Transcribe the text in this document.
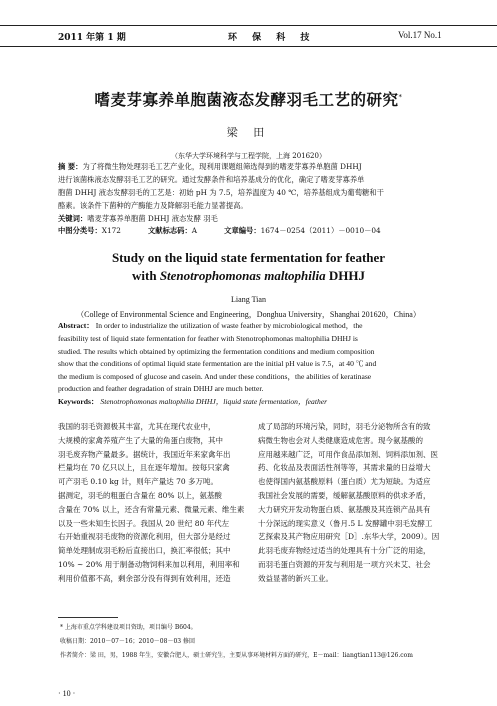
2011 年第 1 期	环 保 科 技	Vol.17 No.1
嗜麦芽寡养单胞菌液态发酵羽毛工艺的研究*
梁 田
（东华大学环境科学与工程学院，上海 201620）
摘 要：为了将微生物处理羽毛工艺产业化，现利用课题组筛选得到的嗜麦芽寡养单胞菌 DHHJ
进行该菌株液态发酵羽毛工艺的研究。通过发酵条件和培养基成分的优化，确定了嗜麦芽寡养单
胞菌 DHHJ 液态发酵羽毛的工艺是：初始 pH 为 7.5，培养温度为 40 ℃，培养基组成为葡萄糖和干
酪素。该条件下菌种的产酶能力及降解羽毛能力显著提高。
关键词：嗜麦芽寡养单胞菌 DHHJ 液态发酵 羽毛
中图分类号：X172	文献标志码：A	文章编号：1674－0254（2011）－0010－04
Study on the liquid state fermentation for feather
with Stenotrophomonas maltophilia DHHJ
Liang Tian
（College of Environmental Science and Engineering，Donghua University，Shanghai 201620，China）
Abstract： In order to industrialize the utilization of waste feather by microbiological method，the
feasibility test of liquid state fermentation for feather with Stenotrophomonas maltophilia DHHJ is
studied. The results which obtained by optimizing the fermentation conditions and medium composition
show that the conditions of optimal liquid state fermentation are the initial pH value is 7.5，at 40 ℃ and
the medium is composed of glucose and casein. And under these conditions，the abilities of keratinase
production and feather degradation of strain DHHJ are much better.
Keywords： Stenotrophomonas maltophilia DHHJ，liquid state fermentation，feather
我国的羽毛资源极其丰富，尤其在现代农业中，
大规模的家禽养殖产生了大量的角蛋白废物，其中
羽毛废弃物产量最多。据统计，我国近年来家禽年出
栏量均在 70 亿只以上，且在逐年增加。按每只家禽
可产羽毛 0.10 kg 计，则年产量达 70 多万吨。
据测定，羽毛的粗蛋白含量在 80% 以上，氨基酸
含量在 70% 以上，还含有常量元素、微量元素、维生素
以及一些未知生长因子。我国从 20 世纪 80 年代左
右开始重视羽毛废物的资源化利用，但大部分是经过
简单处理制成羽毛粉后直接出口，换汇率很低；其中
10% ~ 20% 用于制备动物饲料来加以利用，利用率和
利用价值都不高，剩余部分没有得到有效利用，还造
成了局部的环境污染，同时，羽毛分泌物所含有的致
病微生物也会对人类健康造成危害。现今氨基酸的
应用越来越广泛，可用作食品添加剂、饲料添加剂、医
药、化妆品及表面活性剂等等，其需求量的日益增大
也使得国内氨基酸原料（蛋白质）尤为短缺。为适应
我国社会发展的需要，缓解氨基酸原料的供求矛盾，
大力研究开发动物蛋白质、氨基酸及其连锁产品具有
十分深远的现实意义（鲁月.5 L 发酵罐中羽毛发酵工
艺探索及其产物应用研究［D］.东华大学，2009）。因
此羽毛废弃物经过适当的处理具有十分广泛的用途，
而羽毛蛋白资源的开发与利用是一项方兴未艾、社会
效益显著的新兴工业。
* 上海市重点学科建设项目资助，项目编号 B604。
收稿日期：2010－07－16；2010－08－03 修回
作者简介：梁 田，男，1988 年生，安徽合肥人，硕士研究生，主要从事环境材料方面的研究，E－mail：liangtian113@126.com
· 10 ·
